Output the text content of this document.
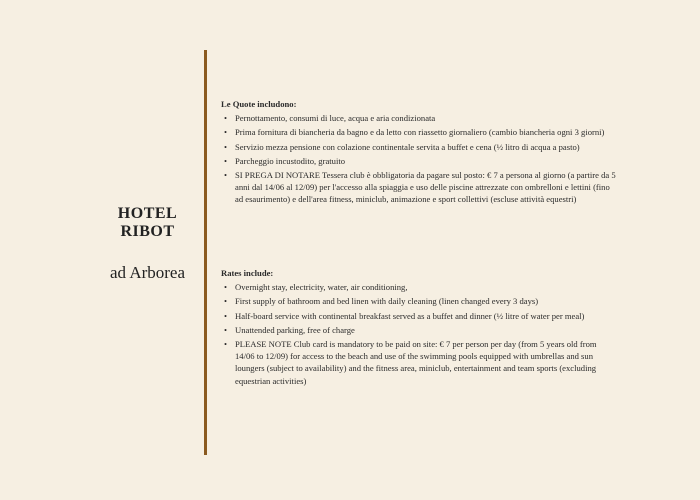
HOTEL
RIBOT
ad Arborea
Le Quote includono:
• Pernottamento, consumi di luce, acqua e aria condizionata
• Prima fornitura di biancheria da bagno e da letto con riassetto giornaliero (cambio biancheria ogni 3 giorni)
• Servizio mezza pensione con colazione continentale servita a buffet e cena (½ litro di acqua a pasto)
• Parcheggio incustodito, gratuito
• SI PREGA DI NOTARE Tessera club è obbligatoria da pagare sul posto: € 7 a persona al giorno (a partire da 5 anni dal 14/06 al 12/09) per l'accesso alla spiaggia e uso delle piscine attrezzate con ombrelloni e lettini (fino ad esaurimento) e dell'area fitness, miniclub, animazione e sport collettivi (escluse attività equestri)
Rates include:
• Overnight stay, electricity, water, air conditioning,
• First supply of bathroom and bed linen with daily cleaning (linen changed every 3 days)
• Half-board service with continental breakfast served as a buffet and dinner (½ litre of water per meal)
• Unattended parking, free of charge
• PLEASE NOTE Club card is mandatory to be paid on site: € 7 per person per day (from 5 years old from 14/06 to 12/09) for access to the beach and use of the swimming pools equipped with umbrellas and sun loungers (subject to availability) and the fitness area, miniclub, entertainment and team sports (excluding equestrian activities)
